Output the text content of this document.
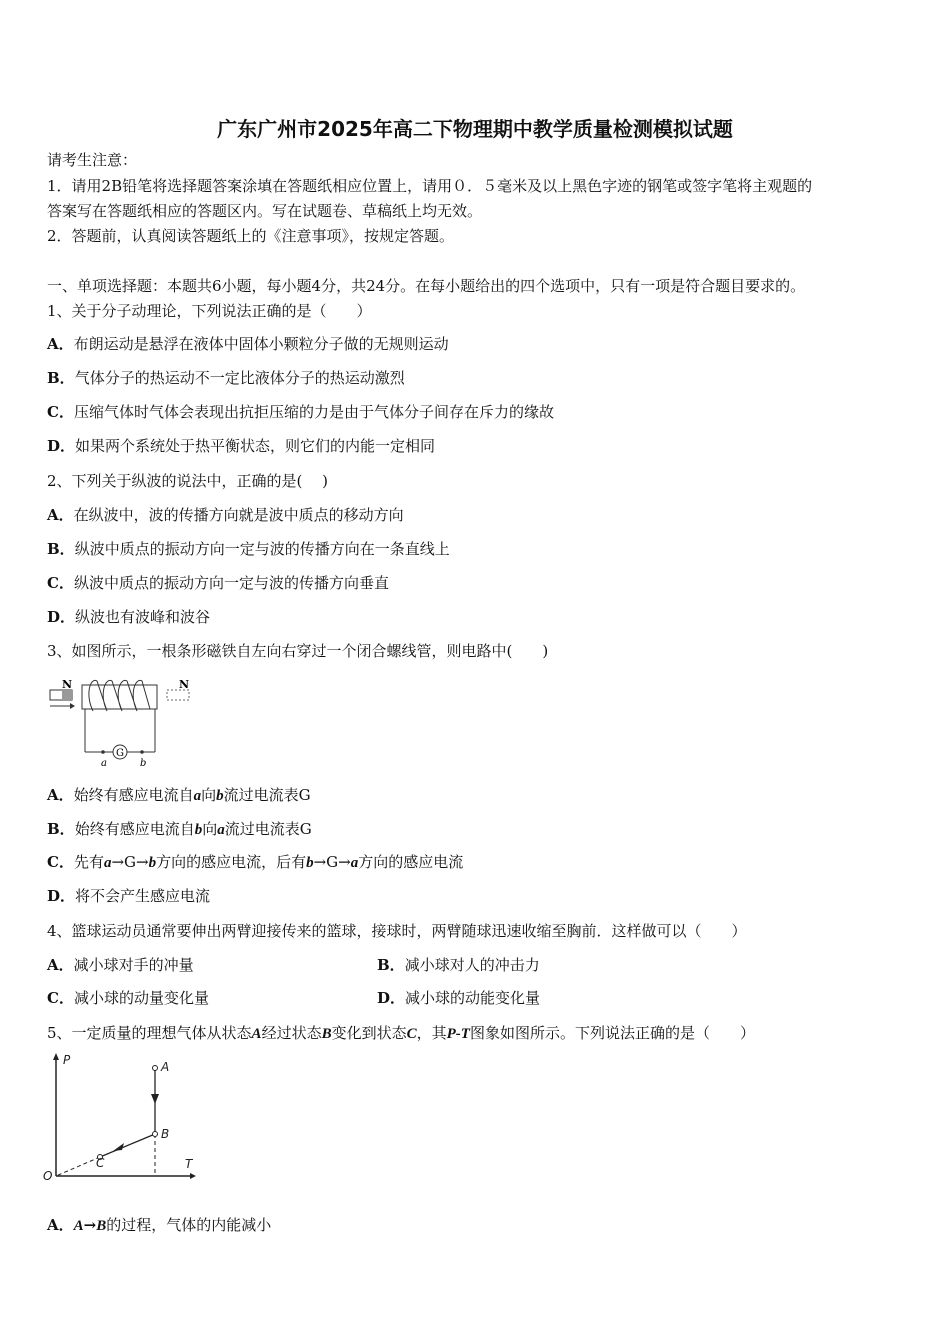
广东广州市2025年高二下物理期中教学质量检测模拟试题
请考生注意：
1．请用2B铅笔将选择题答案涂填在答题纸相应位置上，请用０．５毫米及以上黑色字迹的钢笔或签字笔将主观题的
答案写在答题纸相应的答题区内。写在试题卷、草稿纸上均无效。
2．答题前，认真阅读答题纸上的《注意事项》，按规定答题。
一、单项选择题：本题共6小题，每小题4分，共24分。在每小题给出的四个选项中，只有一项是符合题目要求的。
1、关于分子动理论，下列说法正确的是（　　）
A．布朗运动是悬浮在液体中固体小颗粒分子做的无规则运动
B．气体分子的热运动不一定比液体分子的热运动激烈
C．压缩气体时气体会表现出抗拒压缩的力是由于气体分子间存在斥力的缘故
D．如果两个系统处于热平衡状态，则它们的内能一定相同
2、下列关于纵波的说法中，正确的是(　 )
A．在纵波中，波的传播方向就是波中质点的移动方向
B．纵波中质点的振动方向一定与波的传播方向在一条直线上
C．纵波中质点的振动方向一定与波的传播方向垂直
D．纵波也有波峰和波谷
3、如图所示，一根条形磁铁自左向右穿过一个闭合螺线管，则电路中(　　)
N	N
G
a	b
A．始终有感应电流自a向b流过电流表G
B．始终有感应电流自b向a流过电流表G
C．先有a→G→b方向的感应电流，后有b→G→a方向的感应电流
D．将不会产生感应电流
4、篮球运动员通常要伸出两臂迎接传来的篮球，接球时，两臂随球迅速收缩至胸前．这样做可以（　　）
A．减小球对手的冲量	B．减小球对人的冲击力
C．减小球的动量变化量	D．减小球的动能变化量
5、一定质量的理想气体从状态A经过状态B变化到状态C，其P-T图象如图所示。下列说法正确的是（　　）
P
T
O
A
B
C
A．A→B的过程，气体的内能减小
